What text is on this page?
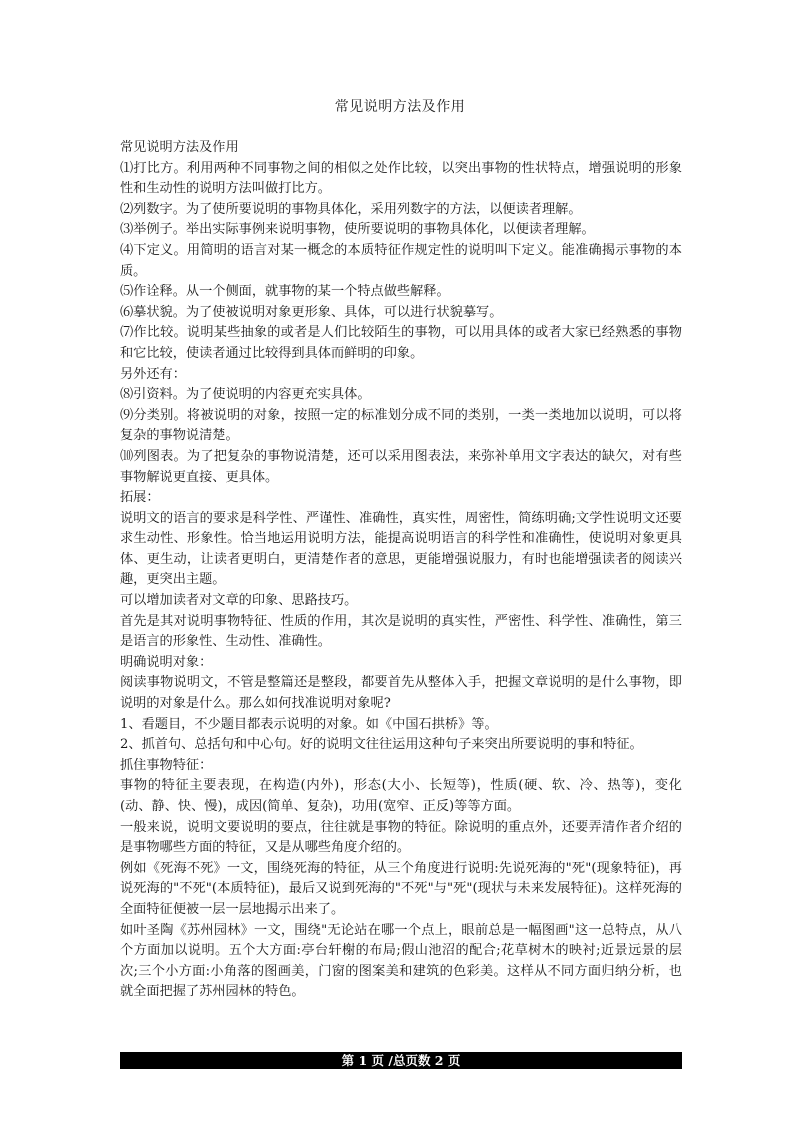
常见说明方法及作用

常见说明方法及作用

⑴打比方。利用两种不同事物之间的相似之处作比较，以突出事物的性状特点，增强说明的形象性和生动性的说明方法叫做打比方。

⑵列数字。为了使所要说明的事物具体化，采用列数字的方法，以便读者理解。

⑶举例子。举出实际事例来说明事物，使所要说明的事物具体化，以便读者理解。

⑷下定义。用简明的语言对某一概念的本质特征作规定性的说明叫下定义。能准确揭示事物的本质。

⑸作诠释。从一个侧面，就事物的某一个特点做些解释。

⑹摹状貌。为了使被说明对象更形象、具体，可以进行状貌摹写。

⑺作比较。说明某些抽象的或者是人们比较陌生的事物，可以用具体的或者大家已经熟悉的事物和它比较，使读者通过比较得到具体而鲜明的印象。

另外还有：

⑻引资料。为了使说明的内容更充实具体。

⑼分类别。将被说明的对象，按照一定的标准划分成不同的类别，一类一类地加以说明，可以将复杂的事物说清楚。

⑽列图表。为了把复杂的事物说清楚，还可以采用图表法，来弥补单用文字表达的缺欠，对有些事物解说更直接、更具体。

拓展：

说明文的语言的要求是科学性、严谨性、准确性，真实性，周密性，简练明确;文学性说明文还要求生动性、形象性。恰当地运用说明方法，能提高说明语言的科学性和准确性，使说明对象更具体、更生动，让读者更明白，更清楚作者的意思，更能增强说服力，有时也能增强读者的阅读兴趣，更突出主题。

可以增加读者对文章的印象、思路技巧。

首先是其对说明事物特征、性质的作用，其次是说明的真实性，严密性、科学性、准确性，第三是语言的形象性、生动性、准确性。

明确说明对象：

阅读事物说明文，不管是整篇还是整段，都要首先从整体入手，把握文章说明的是什么事物，即说明的对象是什么。那么如何找准说明对象呢?

1、看题目，不少题目都表示说明的对象。如《中国石拱桥》等。

2、抓首句、总括句和中心句。好的说明文往往运用这种句子来突出所要说明的事和特征。

抓住事物特征：

事物的特征主要表现，在构造(内外)，形态(大小、长短等)，性质(硬、软、冷、热等)，变化(动、静、快、慢)，成因(简单、复杂)，功用(宽窄、正反)等等方面。

一般来说，说明文要说明的要点，往往就是事物的特征。除说明的重点外，还要弄清作者介绍的是事物哪些方面的特征，又是从哪些角度介绍的。

例如《死海不死》一文，围绕死海的特征，从三个角度进行说明:先说死海的"死"(现象特征)，再说死海的"不死"(本质特征)，最后又说到死海的"不死"与"死"(现状与未来发展特征)。这样死海的全面特征便被一层一层地揭示出来了。

如叶圣陶《苏州园林》一文，围绕"无论站在哪一个点上，眼前总是一幅图画"这一总特点，从八个方面加以说明。五个大方面:亭台轩榭的布局;假山池沼的配合;花草树木的映衬;近景远景的层次;三个小方面:小角落的图画美，门窗的图案美和建筑的色彩美。这样从不同方面归纳分析，也就全面把握了苏州园林的特色。

第 1 页 /总页数 2 页
